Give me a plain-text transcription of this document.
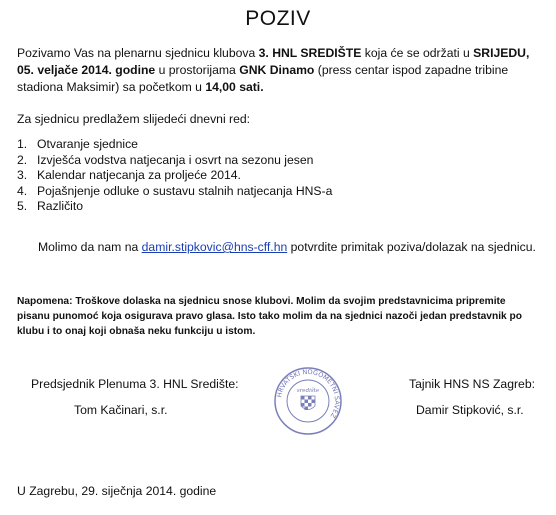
POZIV
Pozivamo Vas na plenarnu sjednicu klubova 3. HNL SREDIŠTE koja će se održati u SRIJEDU, 05. veljače 2014. godine u prostorijama GNK Dinamo (press centar ispod zapadne tribine stadiona Maksimir) sa početkom u 14,00 sati.
Za sjednicu predlažem slijedeći dnevni red:
1. Otvaranje sjednice
2. Izvješća vodstva natjecanja i osvrt na sezonu jesen
3. Kalendar natjecanja za proljeće 2014.
4. Pojašnjenje odluke o sustavu stalnih natjecanja HNS-a
5. Različito
Molimo da nam na damir.stipkovic@hns-cff.hn potvrdite primitak poziva/dolazak na sjednicu.
Napomena: Troškove dolaska na sjednicu snose klubovi. Molim da svojim predstavnicima pripremite pisanu punomoć koja osigurava pravo glasa. Isto tako molim da na sjednici nazoči jedan predstavnik po klubu i to onaj koji obnaša neku funkciju u istom.
Predsjednik Plenuma 3. HNL Središte:
Tom Kačinari, s.r.
Tajnik HNS NS Zagreb:
Damir Stipković, s.r.
HRVATSKI NOGOMETNI SAVEZ
središte
U Zagrebu, 29. siječnja 2014. godine
